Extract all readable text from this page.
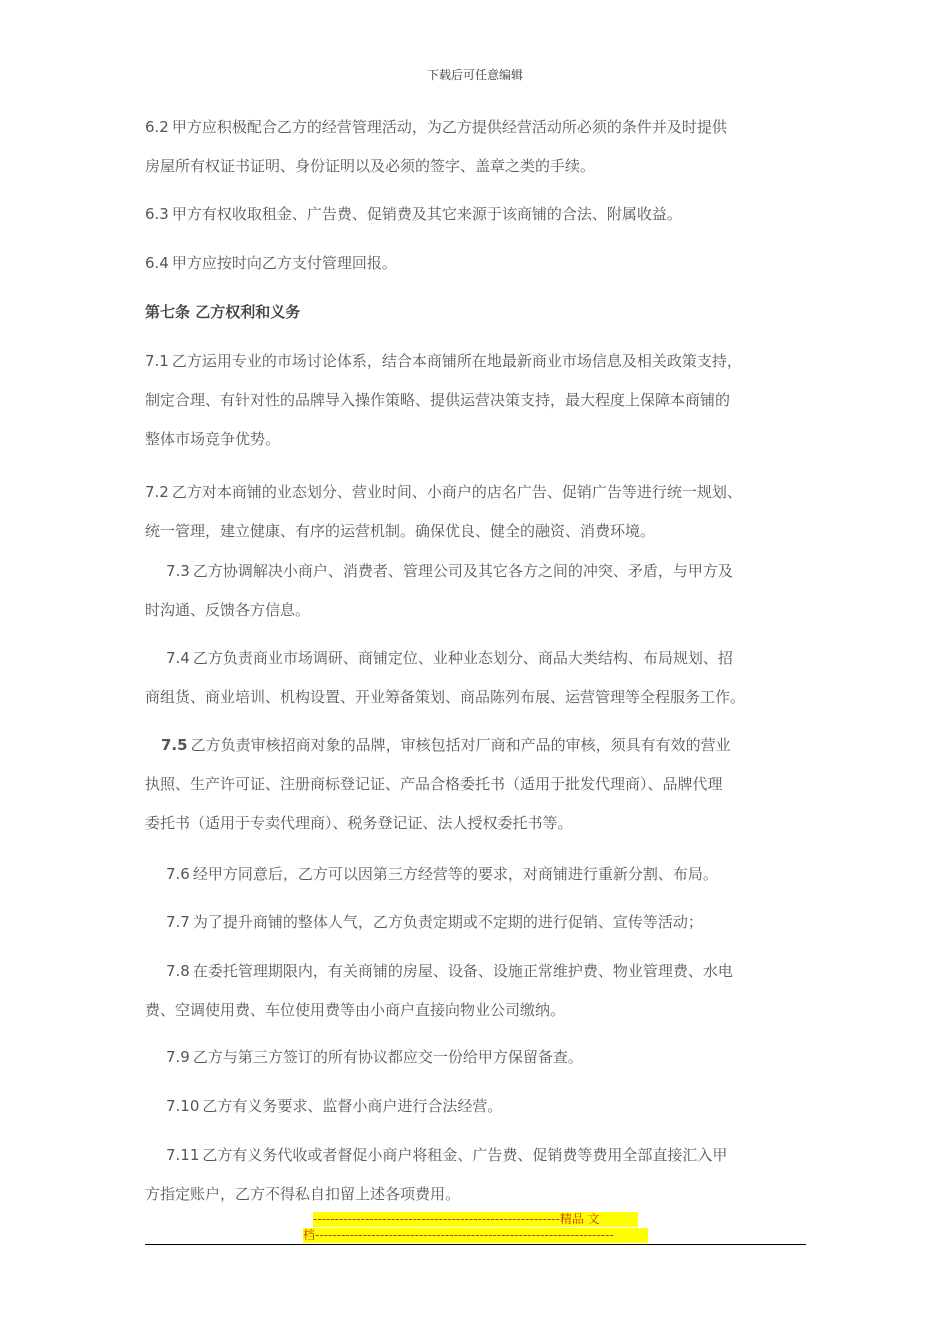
下载后可任意编辑

6.2 甲方应积极配合乙方的经营管理活动，为乙方提供经营活动所必须的条件并及时提供
房屋所有权证书证明、身份证明以及必须的签字、盖章之类的手续。

6.3 甲方有权收取租金、广告费、促销费及其它来源于该商铺的合法、附属收益。

6.4 甲方应按时向乙方支付管理回报。

第七条 乙方权利和义务

7.1 乙方运用专业的市场讨论体系，结合本商铺所在地最新商业市场信息及相关政策支持，
制定合理、有针对性的品牌导入操作策略、提供运营决策支持，最大程度上保障本商铺的
整体市场竞争优势。

7.2 乙方对本商铺的业态划分、营业时间、小商户的店名广告、促销广告等进行统一规划、
统一管理，建立健康、有序的运营机制。确保优良、健全的融资、消费环境。

7.3 乙方协调解决小商户、消费者、管理公司及其它各方之间的冲突、矛盾，与甲方及
时沟通、反馈各方信息。

7.4 乙方负责商业市场调研、商铺定位、业种业态划分、商品大类结构、布局规划、招
商组货、商业培训、机构设置、开业筹备策划、商品陈列布展、运营管理等全程服务工作。

7.5 乙方负责审核招商对象的品牌，审核包括对厂商和产品的审核，须具有有效的营业
执照、生产许可证、注册商标登记证、产品合格委托书（适用于批发代理商）、品牌代理
委托书（适用于专卖代理商）、税务登记证、法人授权委托书等。

7.6 经甲方同意后，乙方可以因第三方经营等的要求，对商铺进行重新分割、布局。

7.7 为了提升商铺的整体人气，乙方负责定期或不定期的进行促销、宣传等活动；

7.8 在委托管理期限内，有关商铺的房屋、设备、设施正常维护费、物业管理费、水电
费、空调使用费、车位使用费等由小商户直接向物业公司缴纳。

7.9 乙方与第三方签订的所有协议都应交一份给甲方保留备查。

7.10 乙方有义务要求、监督小商户进行合法经营。

7.11 乙方有义务代收或者督促小商户将租金、广告费、促销费等费用全部直接汇入甲
方指定账户，乙方不得私自扣留上述各项费用。

---------------------------------------------------------精品 文
档---------------------------------------------------------------------
